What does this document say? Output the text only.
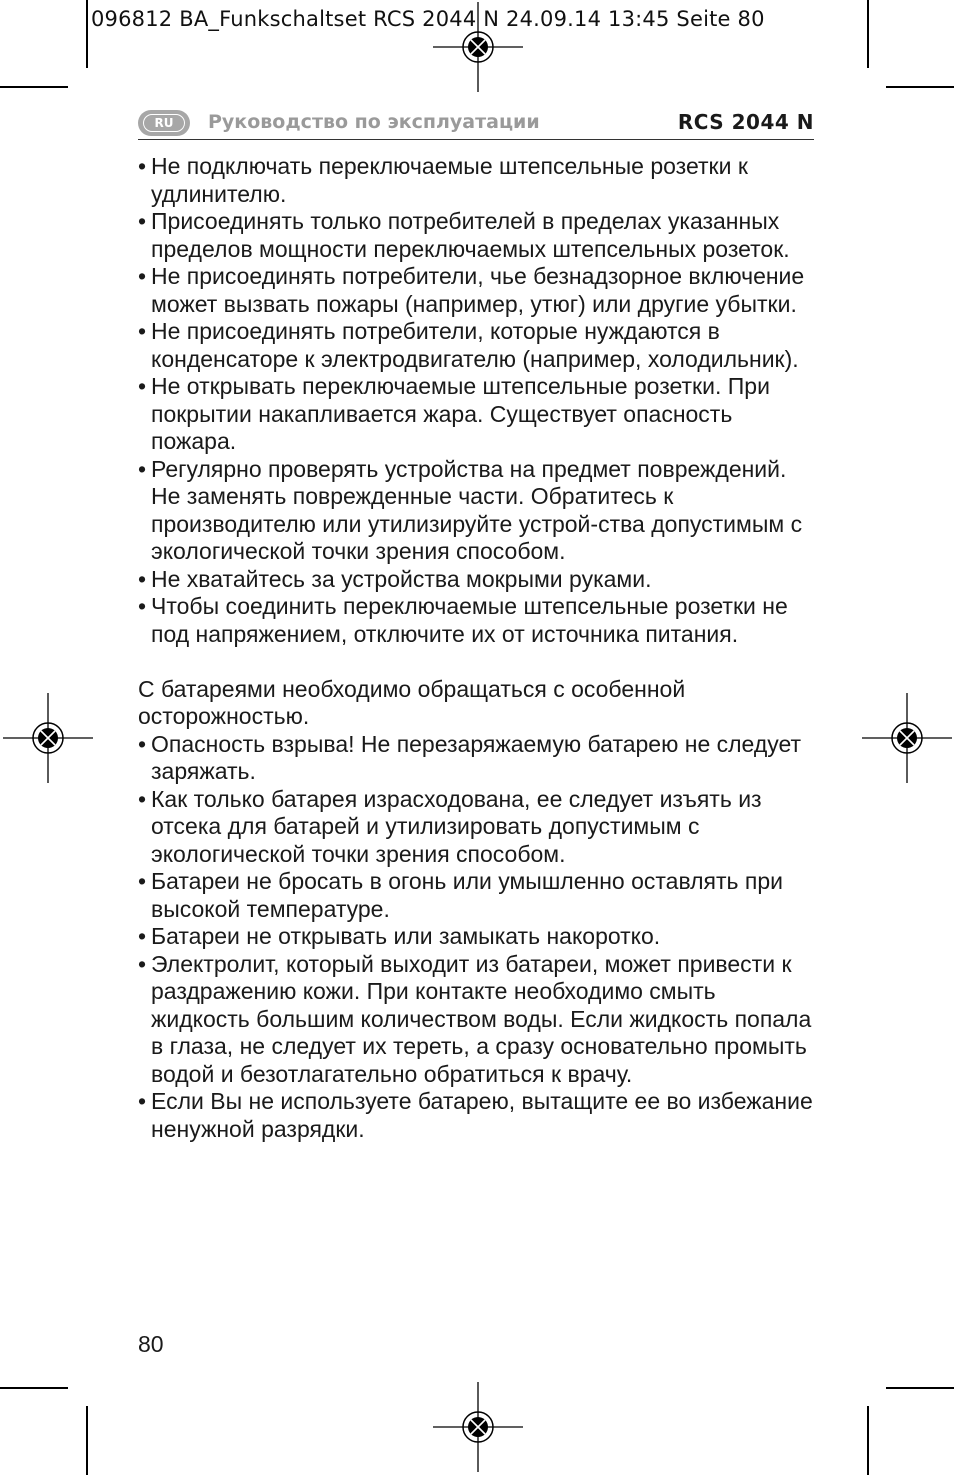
096812 BA_Funkschaltset RCS 2044 N 24.09.14 13:45 Seite 80
RU	Руководство по эксплуатации	RCS 2044 N
• Не подключать переключаемые штепсельные розетки к удлинителю.
• Присоединять только потребителей в пределах указанных пределов мощности переключаемых штепсельных розеток.
• Не присоединять потребители, чье безнадзорное включение может вызвать пожары (например, утюг) или другие убытки.
• Не присоединять потребители, которые нуждаются в конденсаторе к электродвигателю (например, холодильник).
• Не открывать переключаемые штепсельные розетки. При покрытии накапливается жара. Существует опасность пожара.
• Регулярно проверять устройства на предмет повреждений. Не заменять поврежденные части. Обратитесь к производителю или утилизируйте устрой-ства допустимым с экологической точки зрения способом.
• Не хватайтесь за устройства мокрыми руками.
• Чтобы соединить переключаемые штепсельные розетки не под напряжением, отключите их от источника питания.

С батареями необходимо обращаться с особенной осторожностью.

• Опасность взрыва! Не перезаряжаемую батарею не следует заряжать.
• Как только батарея израсходована, ее следует изъять из отсека для батарей и утилизировать допустимым с экологической точки зрения способом.
• Батареи не бросать в огонь или умышленно оставлять при высокой температуре.
• Батареи не открывать или замыкать накоротко.
• Электролит, который выходит из батареи, может привести к раздражению кожи. При контакте необходимо смыть жидкость большим количеством воды. Если жидкость попала в глаза, не следует их тереть, а сразу основательно промыть водой и безотлагательно обратиться к врачу.
• Если Вы не используете батарею, вытащите ее во избежание ненужной разрядки.
80
